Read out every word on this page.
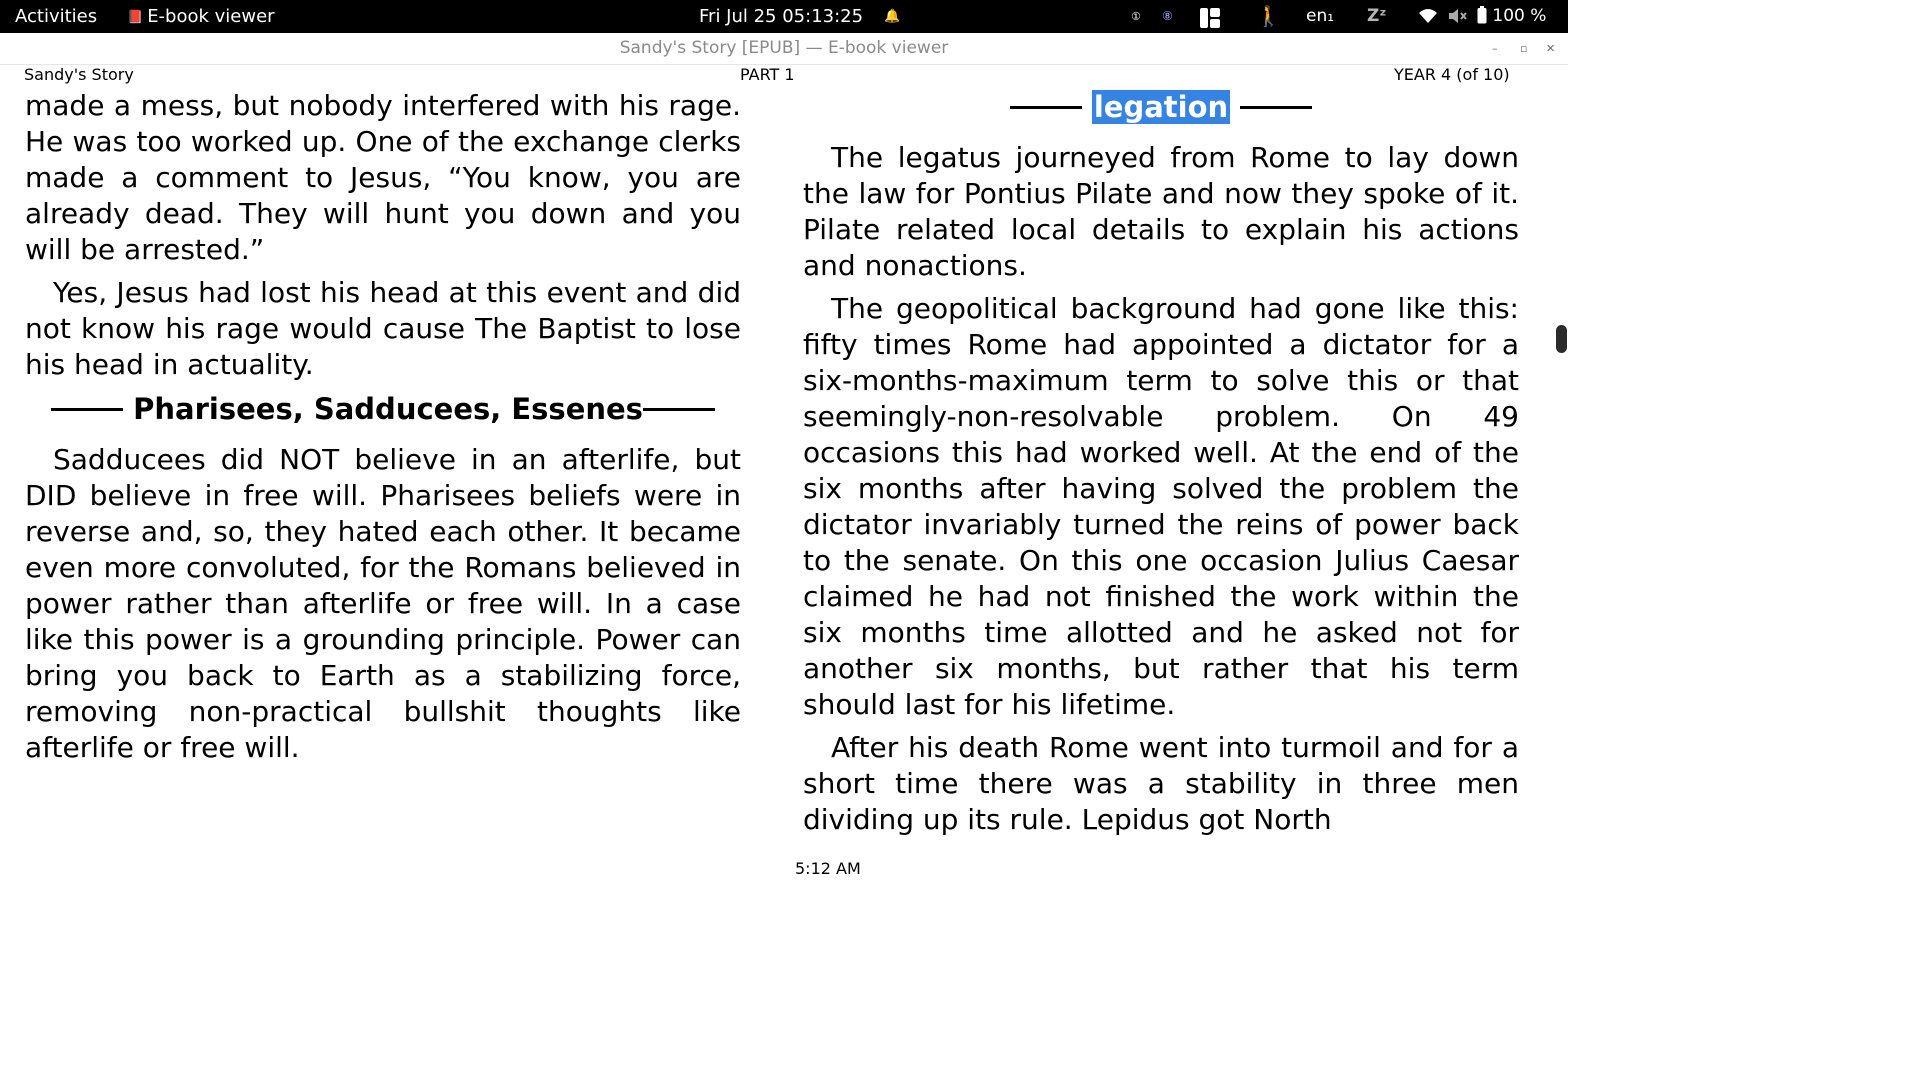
Activities 📕 E-book viewer	Fri Jul 25 05:13:25 🔔	① ⑧	🚶 en₁ Zᶻ	100 %
Sandy's Story [EPUB] — E-book viewer	– ▫ ✕
Sandy's Story	PART 1	YEAR 4 (of 10)

made a mess, but nobody interfered with his rage. He was too worked up. One of the exchange clerks made a comment to Jesus, “You know, you are already dead. They will hunt you down and you will be arrested.”

Yes, Jesus had lost his head at this event and did not know his rage would cause The Baptist to lose his head in actuality.

Pharisees, Sadducees, Essenes

Sadducees did NOT believe in an afterlife, but DID believe in free will. Pharisees beliefs were in reverse and, so, they hated each other. It became even more convoluted, for the Romans believed in power rather than afterlife or free will. In a case like this power is a grounding principle. Power can bring you back to Earth as a stabilizing force, removing non-practical bullshit thoughts like afterlife or free will.

legation

The legatus journeyed from Rome to lay down the law for Pontius Pilate and now they spoke of it. Pilate related local details to explain his actions and nonactions.

The geopolitical background had gone like this: fifty times Rome had appointed a dictator for a six-months-maximum term to solve this or that seemingly-non-resolvable problem. On 49 occasions this had worked well. At the end of the six months after having solved the problem the dictator invariably turned the reins of power back to the senate. On this one occasion Julius Caesar claimed he had not finished the work within the six months time allotted and he asked not for another six months, but rather that his term should last for his lifetime.

After his death Rome went into turmoil and for a short time there was a stability in three men dividing up its rule. Lepidus got North

5:12 AM
